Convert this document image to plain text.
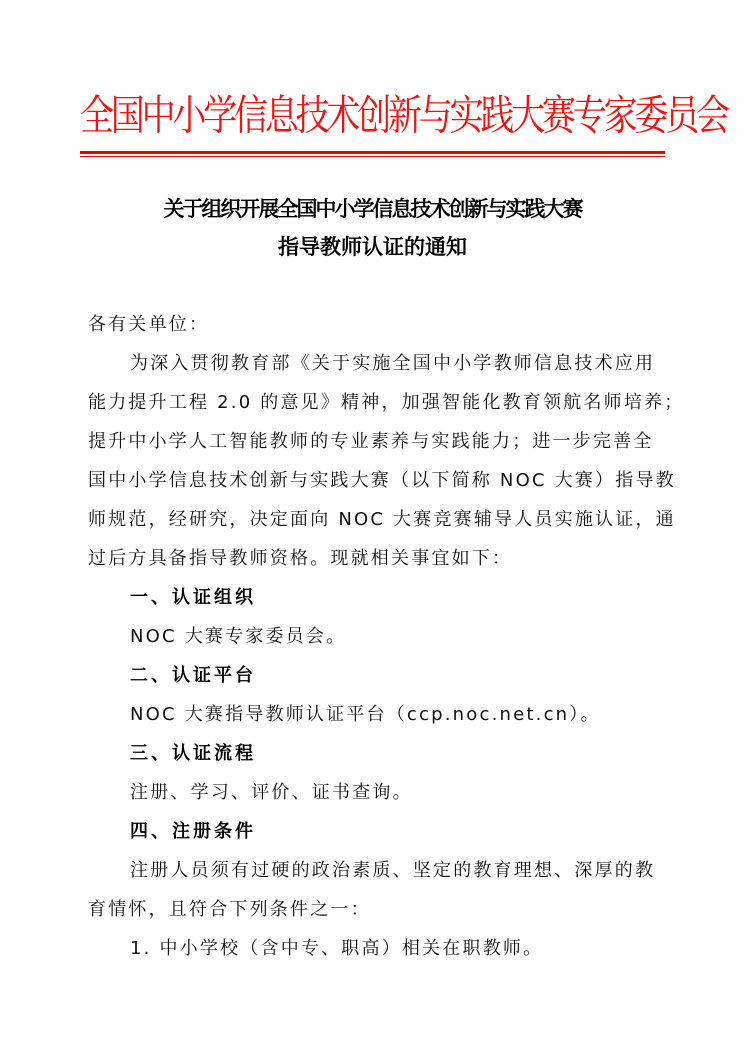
全国中小学信息技术创新与实践大赛专家委员会
关于组织开展全国中小学信息技术创新与实践大赛
指导教师认证的通知
各有关单位：
为深入贯彻教育部《关于实施全国中小学教师信息技术应用
能力提升工程 2.0 的意见》精神，加强智能化教育领航名师培养；
提升中小学人工智能教师的专业素养与实践能力；进一步完善全
国中小学信息技术创新与实践大赛（以下简称 NOC 大赛）指导教
师规范，经研究，决定面向 NOC 大赛竞赛辅导人员实施认证，通
过后方具备指导教师资格。现就相关事宜如下：
一、认证组织
NOC 大赛专家委员会。
二、认证平台
NOC 大赛指导教师认证平台（ccp.noc.net.cn）。
三、认证流程
注册、学习、评价、证书查询。
四、注册条件
注册人员须有过硬的政治素质、坚定的教育理想、深厚的教
育情怀，且符合下列条件之一：
1. 中小学校（含中专、职高）相关在职教师。
